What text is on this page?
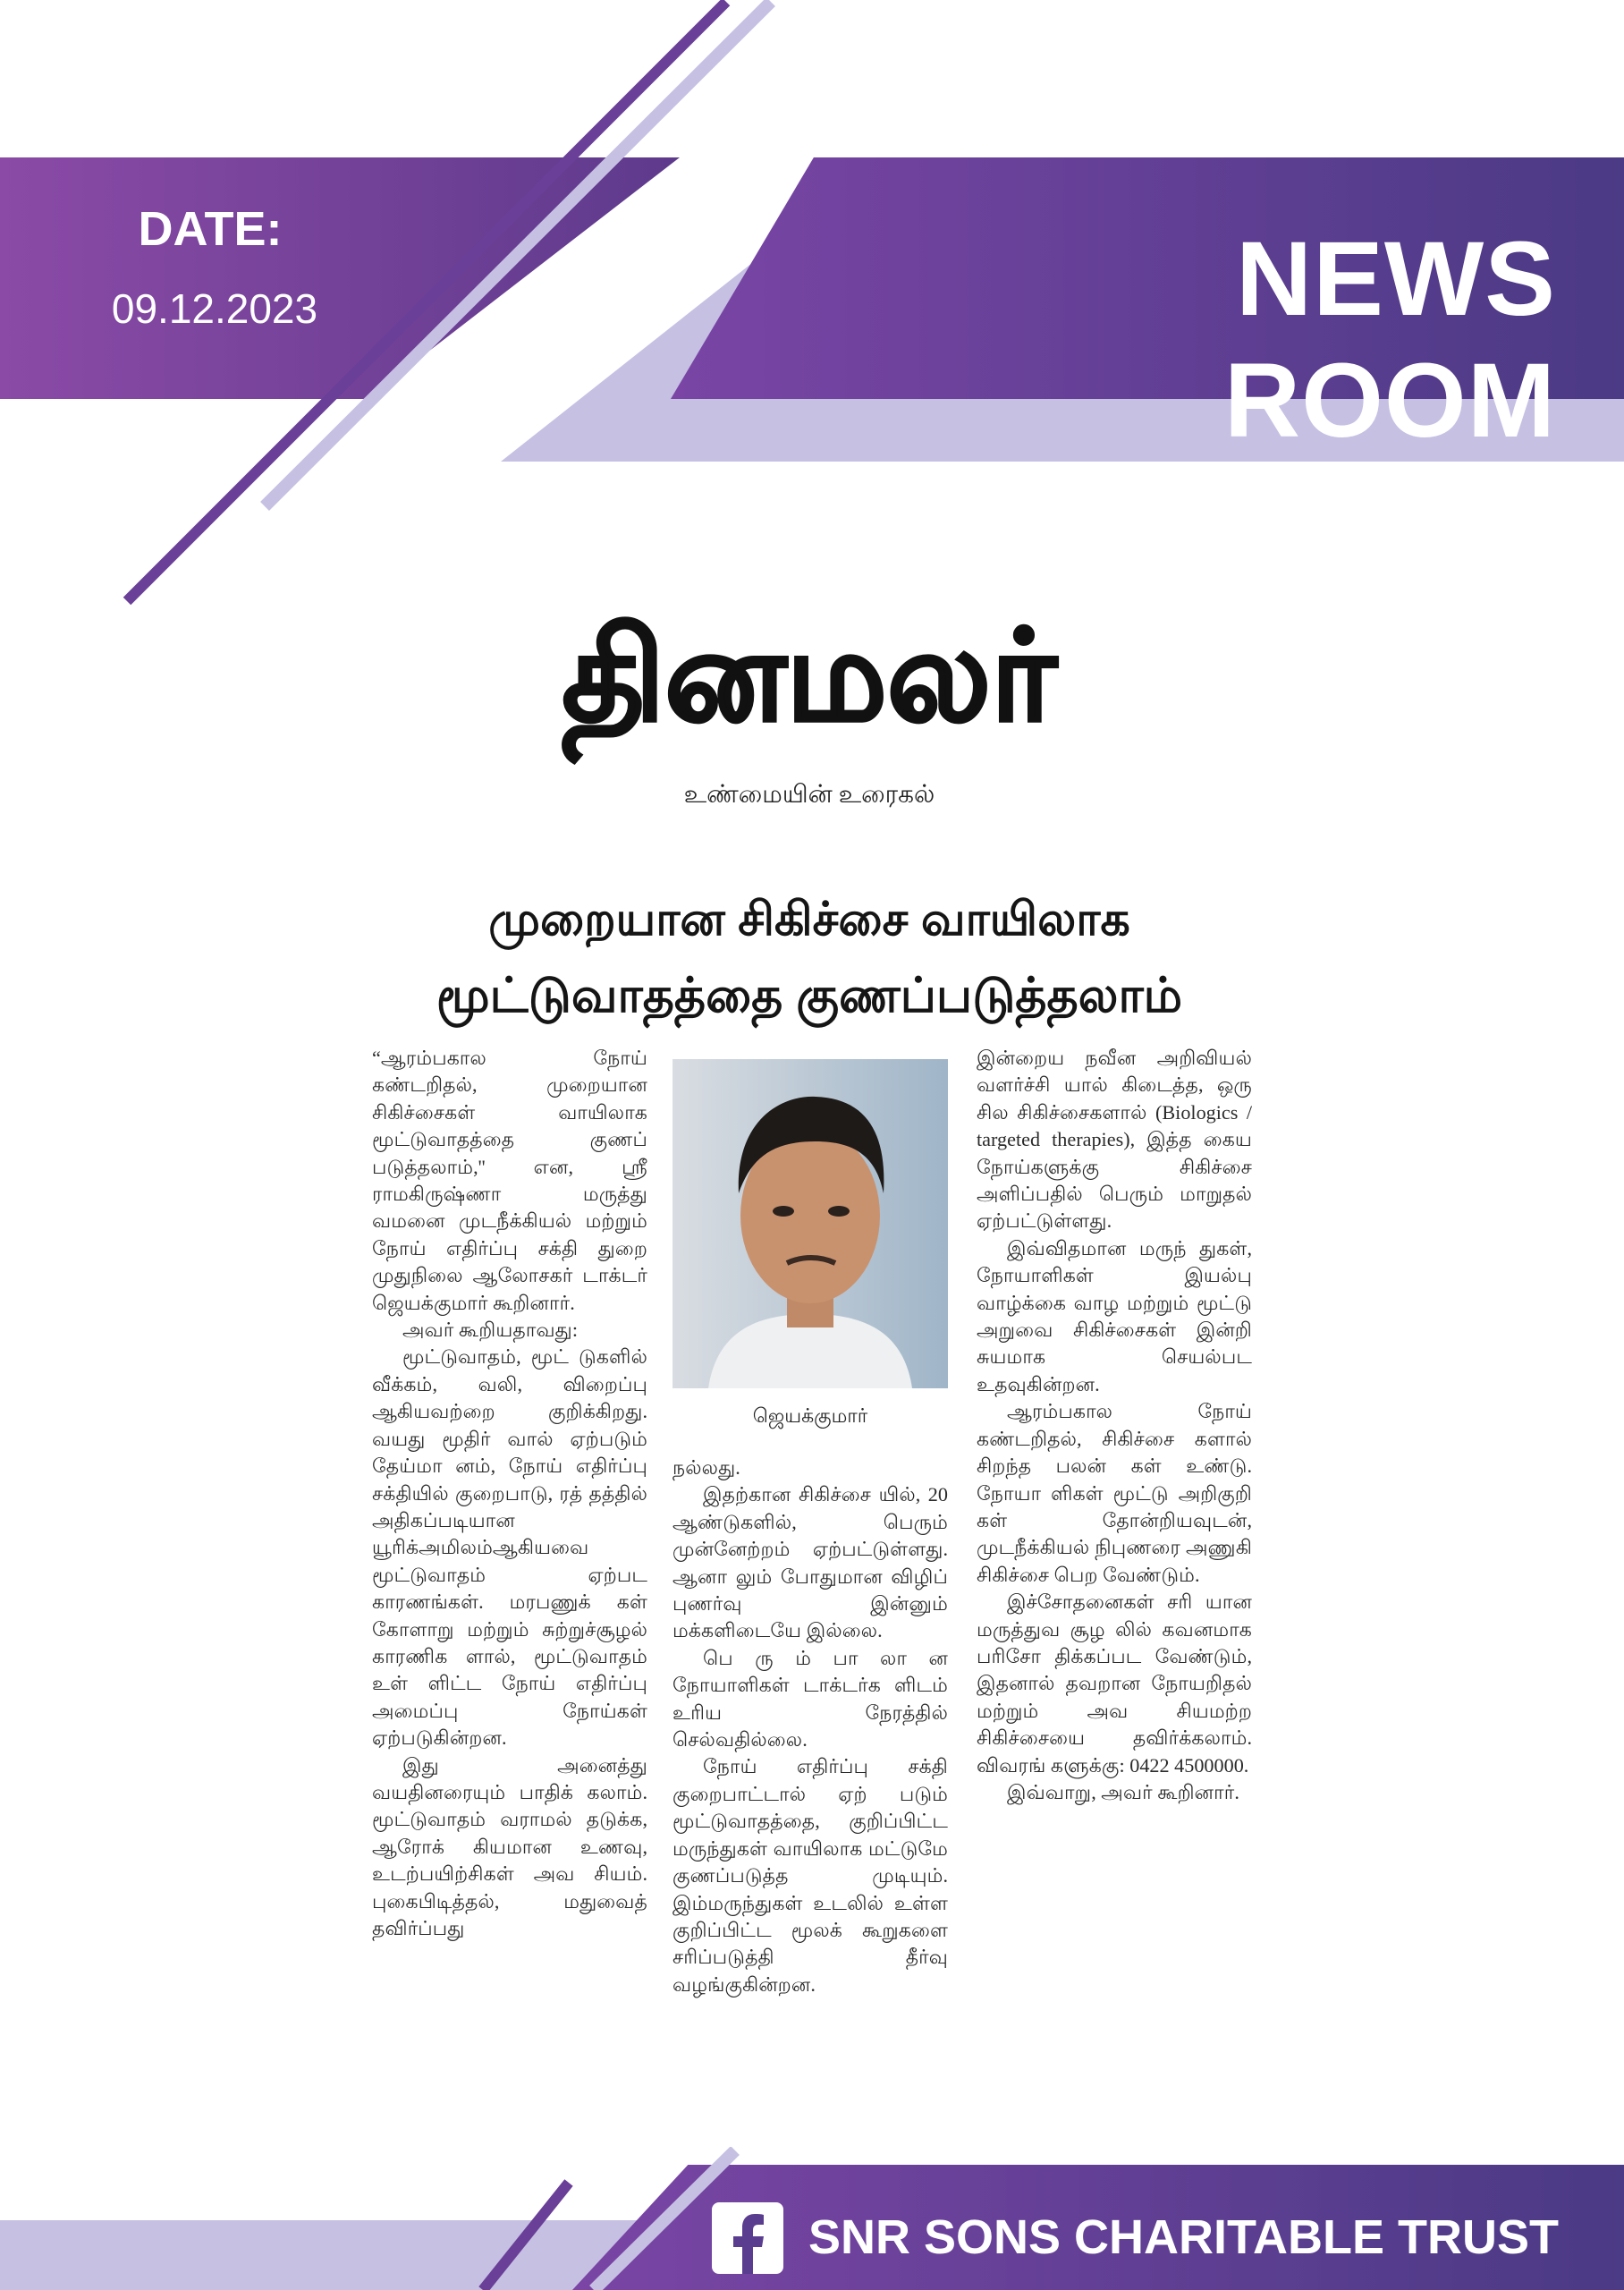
DATE:
09.12.2023	NEWS ROOM
தினமலர்
உண்மையின் உரைகல்
முறையான சிகிச்சை வாயிலாக
மூட்டுவாதத்தை குணப்படுத்தலாம்

“ஆரம்பகால நோய் கண்டறிதல், முறையான சிகிச்சைகள் வாயிலாக மூட்டுவாதத்தை குணப் படுத்தலாம்,'' என, ஸ்ரீ ராமகிருஷ்ணா மருத்து வமனை முடநீக்கியல் மற்றும் நோய் எதிர்ப்பு சக்தி துறை முதுநிலை ஆலோசகர் டாக்டர் ஜெயக்குமார் கூறினார்.

அவர் கூறியதாவது:

மூட்டுவாதம், மூட் டுகளில் வீக்கம், வலி, விறைப்பு ஆகியவற்றை குறிக்கிறது. வயது மூதிர் வால் ஏற்படும் தேய்மா னம், நோய் எதிர்ப்பு சக்தியில் குறைபாடு, ரத் தத்தில் அதிகப்படியான யூரிக்அமிலம்ஆகியவை மூட்டுவாதம் ஏற்பட காரணங்கள். மரபணுக் கள் கோளாறு மற்றும் சுற்றுச்சூழல் காரணிக ளால், மூட்டுவாதம் உள் ளிட்ட நோய் எதிர்ப்பு அமைப்பு நோய்கள் ஏற்படுகின்றன.

இது அனைத்து வயதினரையும் பாதிக் கலாம். மூட்டுவாதம் வராமல் தடுக்க, ஆரோக் கியமான உணவு, உடற்பயிற்சிகள் அவ சியம். புகைபிடித்தல், மதுவைத் தவிர்ப்பது

ஜெயக்குமார்

நல்லது.

இதற்கான சிகிச்சை யில், 20 ஆண்டுகளில், பெரும் முன்னேற்றம் ஏற்பட்டுள்ளது. ஆனா லும் போதுமான விழிப் புணர்வு இன்னும் மக்களிடையே இல்லை.

பெ ரு ம் பா லா ன நோயாளிகள் டாக்டர்க ளிடம் உரிய நேரத்தில் செல்வதில்லை.

நோய் எதிர்ப்பு சக்தி குறைபாட்டால் ஏற் படும் மூட்டுவாதத்தை, குறிப்பிட்ட மருந்துகள் வாயிலாக மட்டுமே குணப்படுத்த முடியும். இம்மருந்துகள் உடலில் உள்ள குறிப்பிட்ட மூலக் கூறுகளை சரிப்படுத்தி தீர்வு வழங்குகின்றன.

இன்றைய நவீன அறிவியல் வளர்ச்சி யால் கிடைத்த, ஒரு சில சிகிச்சைகளால் (Biologics / targeted therapies), இத்த கைய நோய்களுக்கு சிகிச்சை அளிப்பதில் பெரும் மாறுதல் ஏற்பட்டுள்ளது.

இவ்விதமான மருந் துகள், நோயாளிகள் இயல்பு வாழ்க்கை வாழ மற்றும் மூட்டு அறுவை சிகிச்சைகள் இன்றி சுயமாக செயல்பட உதவுகின்றன.

ஆரம்பகால நோய் கண்டறிதல், சிகிச்சை களால் சிறந்த பலன் கள் உண்டு. நோயா ளிகள் மூட்டு அறிகுறி கள் தோன்றியவுடன், முடநீக்கியல் நிபுணரை அணுகி சிகிச்சை பெற வேண்டும்.

இச்சோதனைகள் சரி யான மருத்துவ சூழ லில் கவனமாக பரிசோ திக்கப்பட வேண்டும், இதனால் தவறான நோயறிதல் மற்றும் அவ சியமற்ற சிகிச்சையை தவிர்க்கலாம். விவரங் களுக்கு: 0422 4500000.

இவ்வாறு, அவர் கூறினார்.

SNR SONS CHARITABLE TRUST
